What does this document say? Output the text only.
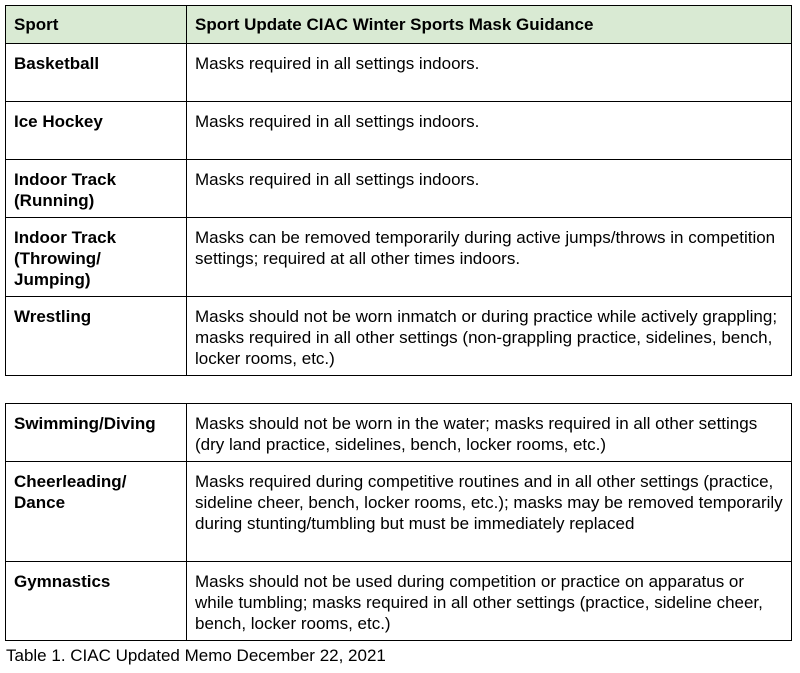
Sport	Sport Update CIAC Winter Sports Mask Guidance
Basketball	Masks required in all settings indoors.
Ice Hockey	Masks required in all settings indoors.
Indoor Track (Running)	Masks required in all settings indoors.
Indoor Track (Throwing/ Jumping)	Masks can be removed temporarily during active jumps/throws in competition settings; required at all other times indoors.
Wrestling	Masks should not be worn inmatch or during practice while actively grappling; masks required in all other settings (non-grappling practice, sidelines, bench, locker rooms, etc.)
Swimming/Diving	Masks should not be worn in the water; masks required in all other settings (dry land practice, sidelines, bench, locker rooms, etc.)
Cheerleading/ Dance	Masks required during competitive routines and in all other settings (practice, sideline cheer, bench, locker rooms, etc.); masks may be removed temporarily during stunting/tumbling but must be immediately replaced
Gymnastics	Masks should not be used during competition or practice on apparatus or while tumbling; masks required in all other settings (practice, sideline cheer, bench, locker rooms, etc.)
Table 1. CIAC Updated Memo December 22, 2021
